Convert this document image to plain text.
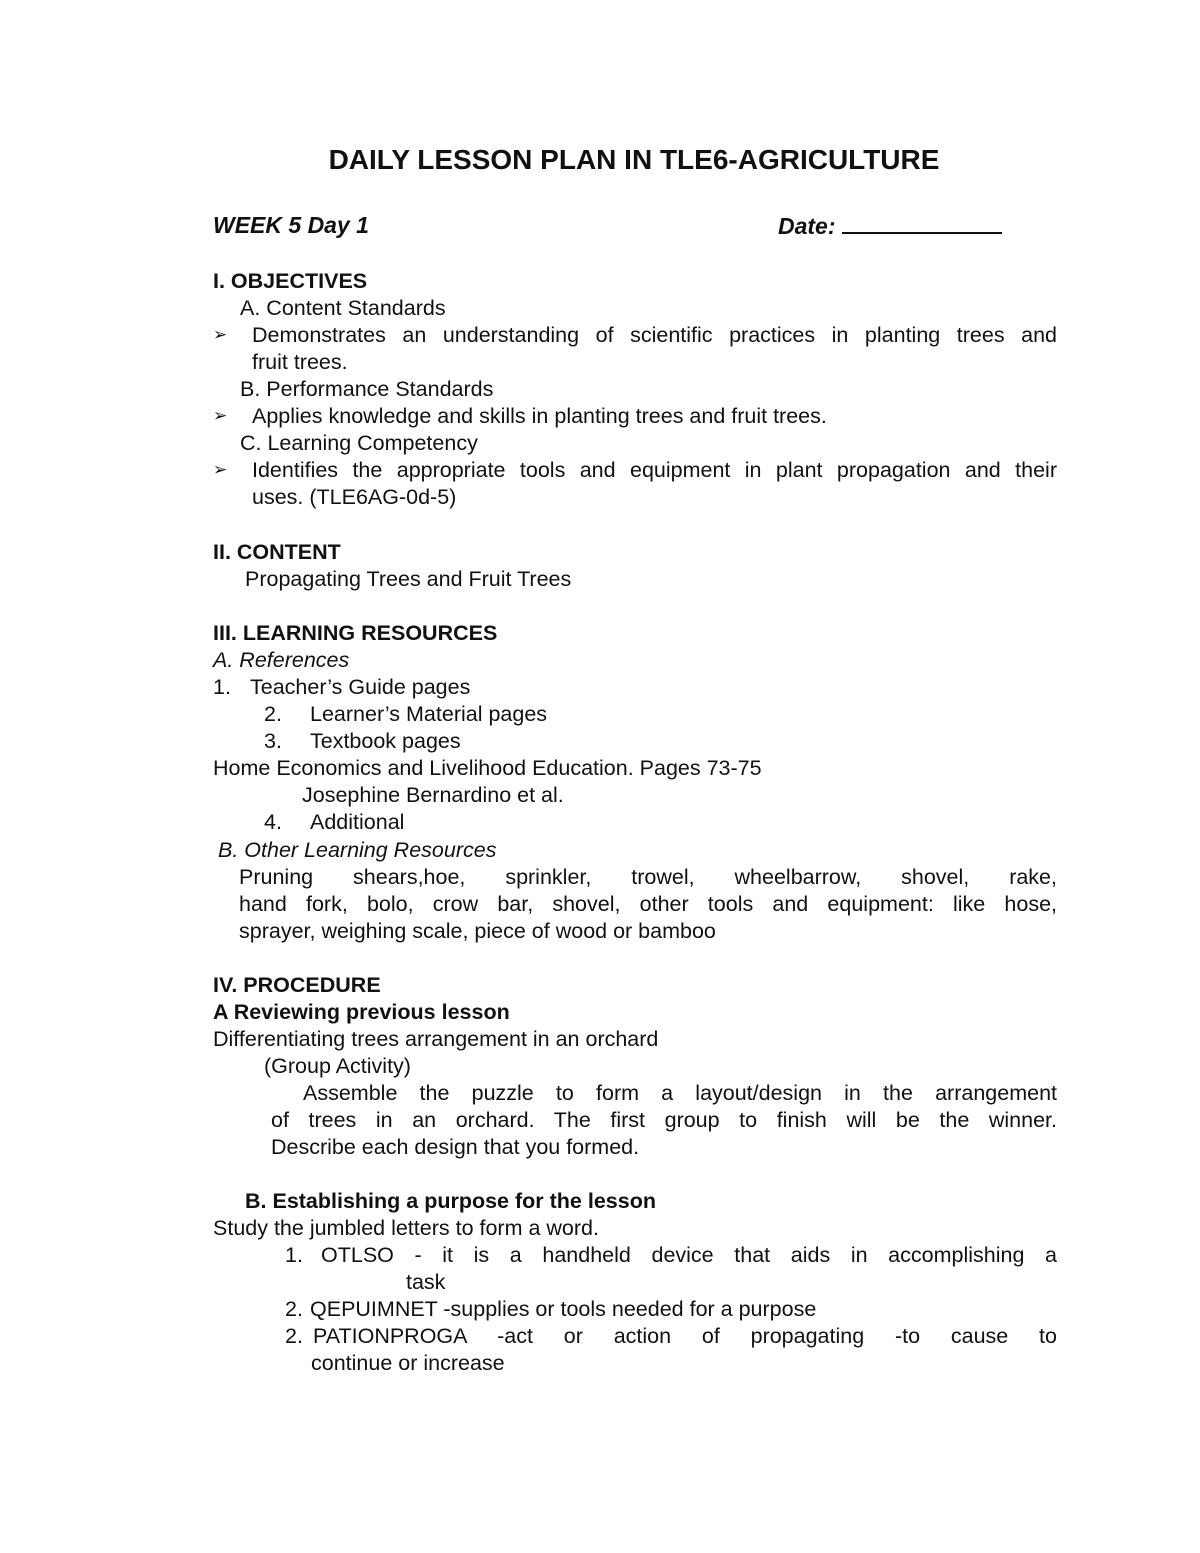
DAILY LESSON PLAN IN TLE6-AGRICULTURE
WEEK 5 Day 1	Date:
I. OBJECTIVES
A. Content Standards
➢ Demonstrates an understanding of scientific practices in planting trees and
fruit trees.
B. Performance Standards
➢ Applies knowledge and skills in planting trees and fruit trees.
C. Learning Competency
➢ Identifies the appropriate tools and equipment in plant propagation and their
uses. (TLE6AG-0d-5)
II. CONTENT
Propagating Trees and Fruit Trees
III. LEARNING RESOURCES
A. References
1. Teacher’s Guide pages
2. Learner’s Material pages
3. Textbook pages
Home Economics and Livelihood Education. Pages 73-75
Josephine Bernardino et al.
4. Additional
B. Other Learning Resources
Pruning shears,hoe, sprinkler, trowel, wheelbarrow, shovel, rake,
hand fork, bolo, crow bar, shovel, other tools and equipment: like hose,
sprayer, weighing scale, piece of wood or bamboo
IV. PROCEDURE
A Reviewing previous lesson
Differentiating trees arrangement in an orchard
(Group Activity)
Assemble the puzzle to form a layout/design in the arrangement
of trees in an orchard. The first group to finish will be the winner.
Describe each design that you formed.
B. Establishing a purpose for the lesson
Study the jumbled letters to form a word.
1. OTLSO - it is a handheld device that aids in accomplishing a
task
2. QEPUIMNET -supplies or tools needed for a purpose
2. PATIONPROGA -act or action of propagating -to cause to
continue or increase
